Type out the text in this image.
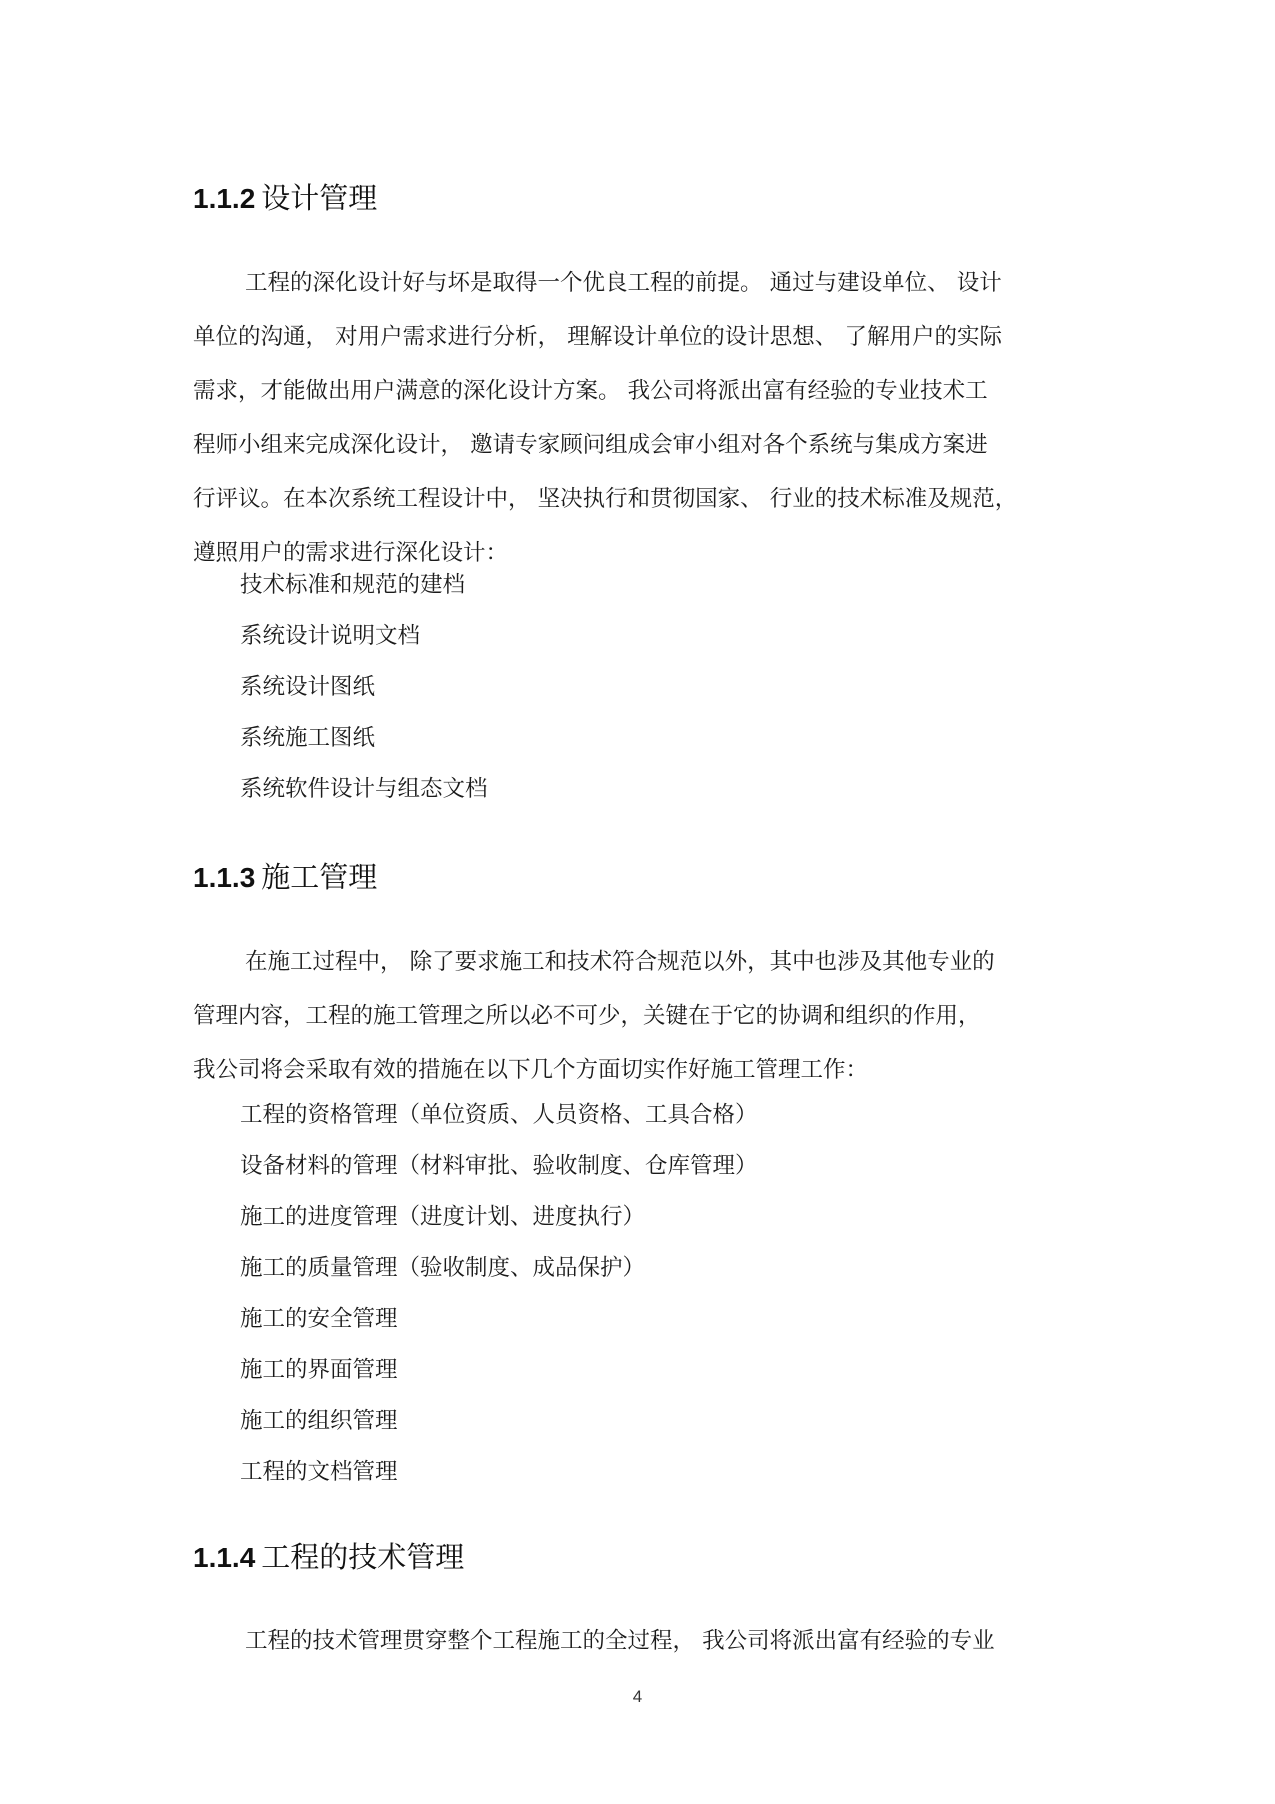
1.1.2 设计管理
工程的深化设计好与坏是取得一个优良工程的前提。 通过与建设单位、 设计
单位的沟通， 对用户需求进行分析， 理解设计单位的设计思想、 了解用户的实际
需求，才能做出用户满意的深化设计方案。 我公司将派出富有经验的专业技术工
程师小组来完成深化设计， 邀请专家顾问组成会审小组对各个系统与集成方案进
行评议。在本次系统工程设计中， 坚决执行和贯彻国家、 行业的技术标准及规范，
遵照用户的需求进行深化设计：
技术标准和规范的建档
系统设计说明文档
系统设计图纸
系统施工图纸
系统软件设计与组态文档
1.1.3 施工管理
在施工过程中， 除了要求施工和技术符合规范以外，其中也涉及其他专业的
管理内容，工程的施工管理之所以必不可少，关键在于它的协调和组织的作用，
我公司将会采取有效的措施在以下几个方面切实作好施工管理工作：
工程的资格管理（单位资质、人员资格、工具合格）
设备材料的管理（材料审批、验收制度、仓库管理）
施工的进度管理（进度计划、进度执行）
施工的质量管理（验收制度、成品保护）
施工的安全管理
施工的界面管理
施工的组织管理
工程的文档管理
1.1.4 工程的技术管理
工程的技术管理贯穿整个工程施工的全过程， 我公司将派出富有经验的专业
4
